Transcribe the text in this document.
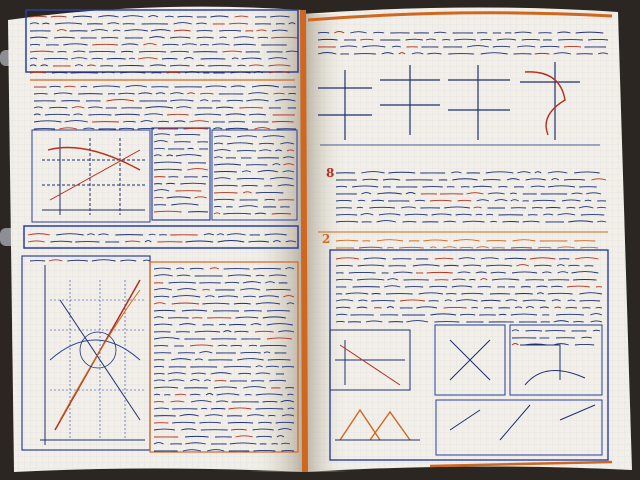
8
2
